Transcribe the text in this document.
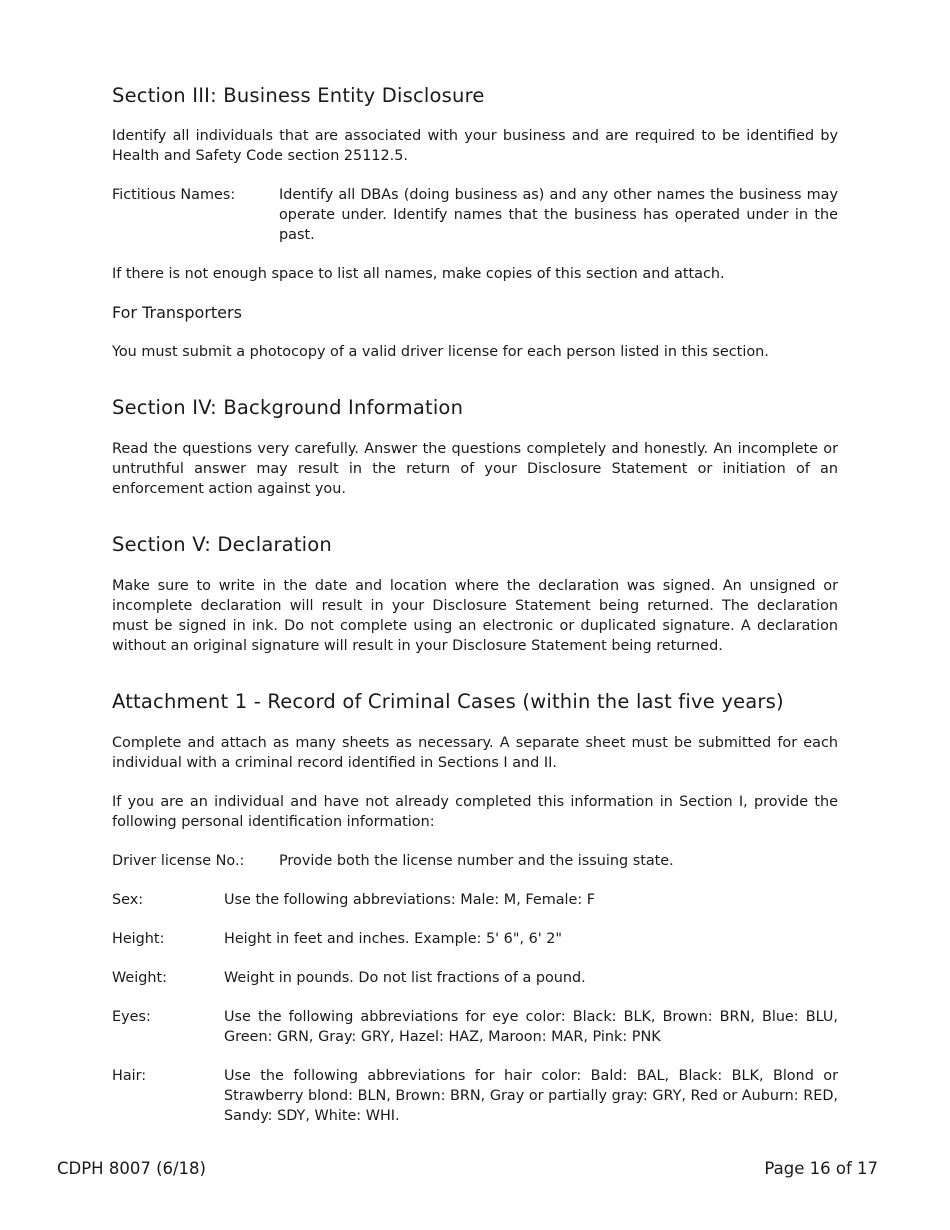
Section III: Business Entity Disclosure

Identify all individuals that are associated with your business and are required to be identified by Health and Safety Code section 25112.5.

Fictitious Names:	Identify all DBAs (doing business as) and any other names the business may operate under. Identify names that the business has operated under in the past.

If there is not enough space to list all names, make copies of this section and attach.

For Transporters

You must submit a photocopy of a valid driver license for each person listed in this section.

Section IV: Background Information

Read the questions very carefully. Answer the questions completely and honestly. An incomplete or untruthful answer may result in the return of your Disclosure Statement or initiation of an enforcement action against you.

Section V: Declaration

Make sure to write in the date and location where the declaration was signed. An unsigned or incomplete declaration will result in your Disclosure Statement being returned. The declaration must be signed in ink. Do not complete using an electronic or duplicated signature. A declaration without an original signature will result in your Disclosure Statement being returned.

Attachment 1 - Record of Criminal Cases (within the last five years)

Complete and attach as many sheets as necessary. A separate sheet must be submitted for each individual with a criminal record identified in Sections I and II.

If you are an individual and have not already completed this information in Section I, provide the following personal identification information:

Driver license No.:	Provide both the license number and the issuing state.
Sex:	Use the following abbreviations: Male: M, Female: F
Height:	Height in feet and inches. Example: 5' 6", 6' 2"
Weight:	Weight in pounds. Do not list fractions of a pound.
Eyes:	Use the following abbreviations for eye color: Black: BLK, Brown: BRN, Blue: BLU, Green: GRN, Gray: GRY, Hazel: HAZ, Maroon: MAR, Pink: PNK
Hair:	Use the following abbreviations for hair color: Bald: BAL, Black: BLK, Blond or Strawberry blond: BLN, Brown: BRN, Gray or partially gray: GRY, Red or Auburn: RED, Sandy: SDY, White: WHI.
CDPH 8007 (6/18)	Page 16 of 17
